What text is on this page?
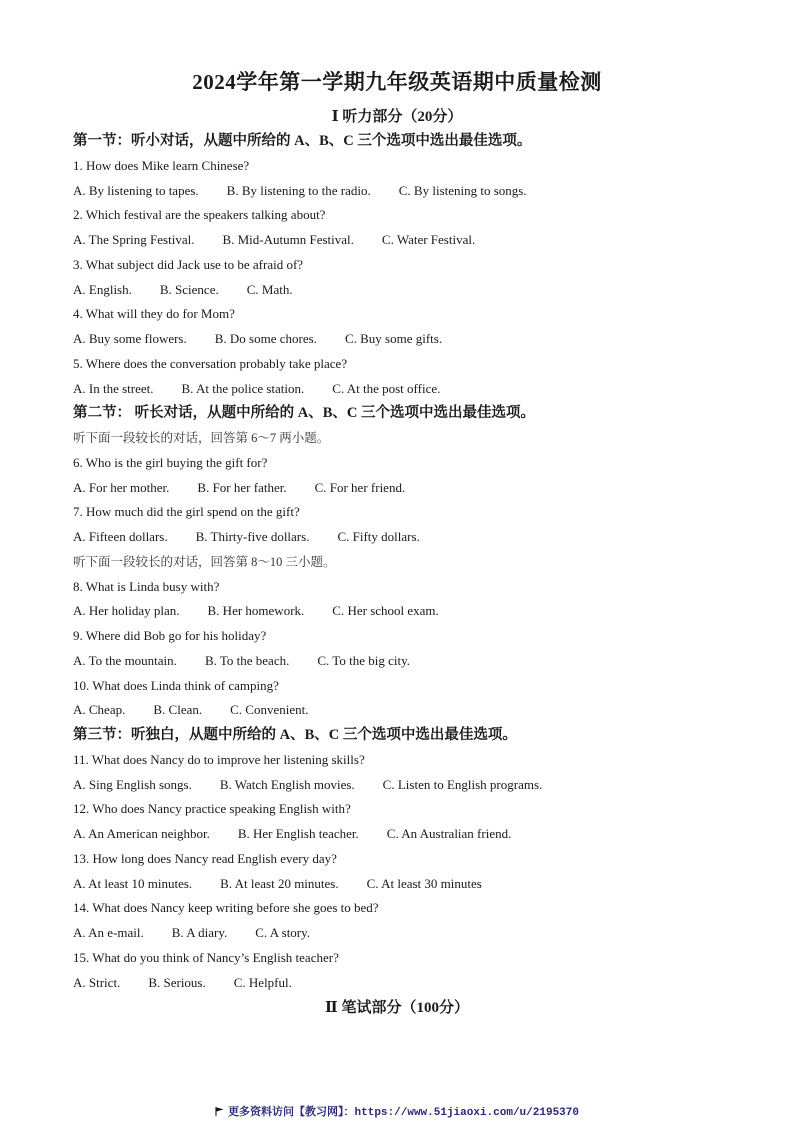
2024学年第一学期九年级英语期中质量检测
Ⅰ 听力部分（20分）
第一节：听小对话，从题中所给的 A、B、C 三个选项中选出最佳选项。
1. How does Mike learn Chinese?
A. By listening to tapes. B. By listening to the radio. C. By listening to songs.
2. Which festival are the speakers talking about?
A. The Spring Festival. B. Mid-Autumn Festival. C. Water Festival.
3. What subject did Jack use to be afraid of?
A. English. B. Science. C. Math.
4. What will they do for Mom?
A. Buy some flowers. B. Do some chores. C. Buy some gifts.
5. Where does the conversation probably take place?
A. In the street. B. At the police station. C. At the post office.
第二节： 听长对话，从题中所给的 A、B、C 三个选项中选出最佳选项。
听下面一段较长的对话，回答第 6～7 两小题。
6. Who is the girl buying the gift for?
A. For her mother. B. For her father. C. For her friend.
7. How much did the girl spend on the gift?
A. Fifteen dollars. B. Thirty-five dollars. C. Fifty dollars.
听下面一段较长的对话，回答第 8～10 三小题。
8. What is Linda busy with?
A. Her holiday plan. B. Her homework. C. Her school exam.
9. Where did Bob go for his holiday?
A. To the mountain. B. To the beach. C. To the big city.
10. What does Linda think of camping?
A. Cheap. B. Clean. C. Convenient.
第三节：听独白，从题中所给的 A、B、C 三个选项中选出最佳选项。
11. What does Nancy do to improve her listening skills?
A. Sing English songs. B. Watch English movies. C. Listen to English programs.
12. Who does Nancy practice speaking English with?
A. An American neighbor. B. Her English teacher. C. An Australian friend.
13. How long does Nancy read English every day?
A. At least 10 minutes. B. At least 20 minutes. C. At least 30 minutes
14. What does Nancy keep writing before she goes to bed?
A. An e-mail. B. A diary. C. A story.
15. What do you think of Nancy’s English teacher?
A. Strict. B. Serious. C. Helpful.
Ⅱ 笔试部分（100分）
更多资料访问【教习网】：https://www.51jiaoxi.com/u/2195370
